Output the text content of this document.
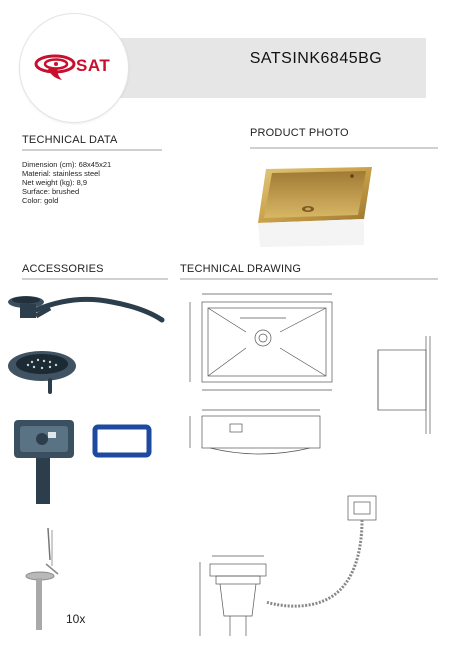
SATSINK6845BG
SAT
TECHNICAL DATA
Dimension (cm): 68x45x21
Material: stainless steel
Net weight (kg): 8,9
Surface: brushed
Color: gold
PRODUCT PHOTO
ACCESSORIES
10x
TECHNICAL DRAWING
